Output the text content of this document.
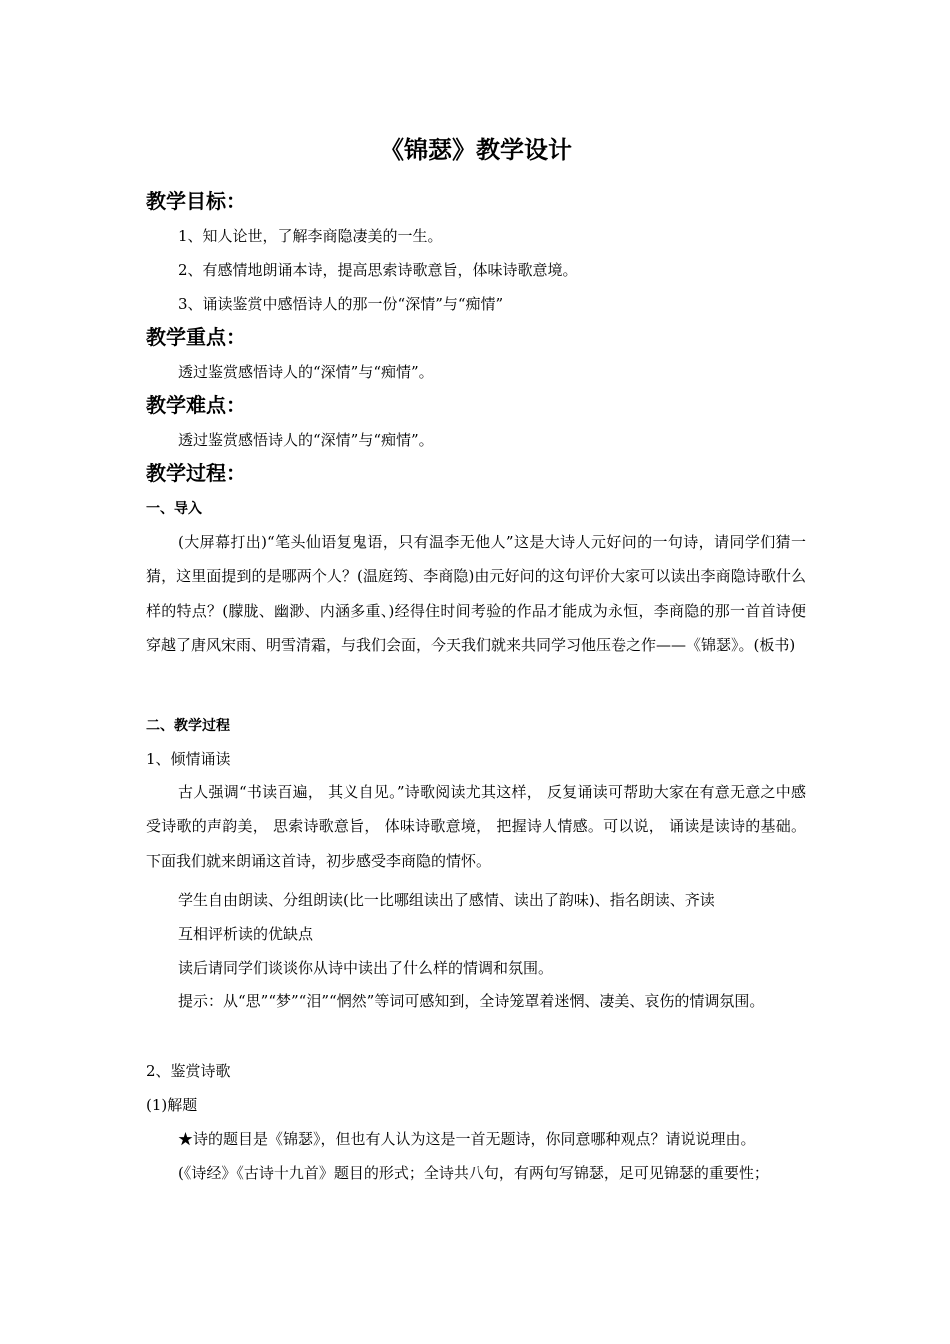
《锦瑟》教学设计
教学目标：
1、知人论世，了解李商隐凄美的一生。
2、有感情地朗诵本诗，提高思索诗歌意旨，体味诗歌意境。
3、诵读鉴赏中感悟诗人的那一份“深情”与“痴情”
教学重点：
透过鉴赏感悟诗人的“深情”与“痴情”。
教学难点：
透过鉴赏感悟诗人的“深情”与“痴情”。
教学过程：
一、导入
(大屏幕打出)“笔头仙语复鬼语，只有温李无他人”这是大诗人元好问的一句诗，请同学们猜一猜，这里面提到的是哪两个人？(温庭筠、李商隐)由元好问的这句评价大家可以读出李商隐诗歌什么样的特点？(朦胧、幽渺、内涵多重、)经得住时间考验的作品才能成为永恒，李商隐的那一首首诗便穿越了唐风宋雨、明雪清霜，与我们会面，今天我们就来共同学习他压卷之作——《锦瑟》。(板书)
二、教学过程
1、倾情诵读
古人强调“书读百遍， 其义自见。”诗歌阅读尤其这样， 反复诵读可帮助大家在有意无意之中感受诗歌的声韵美， 思索诗歌意旨， 体味诗歌意境， 把握诗人情感。可以说， 诵读是读诗的基础。下面我们就来朗诵这首诗，初步感受李商隐的情怀。
学生自由朗读、分组朗读(比一比哪组读出了感情、读出了韵味)、指名朗读、齐读
互相评析读的优缺点
读后请同学们谈谈你从诗中读出了什么样的情调和氛围。
提示：从“思”“梦”“泪”“惘然”等词可感知到，全诗笼罩着迷惘、凄美、哀伤的情调氛围。
2、鉴赏诗歌
(1)解题
★诗的题目是《锦瑟》，但也有人认为这是一首无题诗，你同意哪种观点？请说说理由。
(《诗经》《古诗十九首》题目的形式；全诗共八句，有两句写锦瑟，足可见锦瑟的重要性；
